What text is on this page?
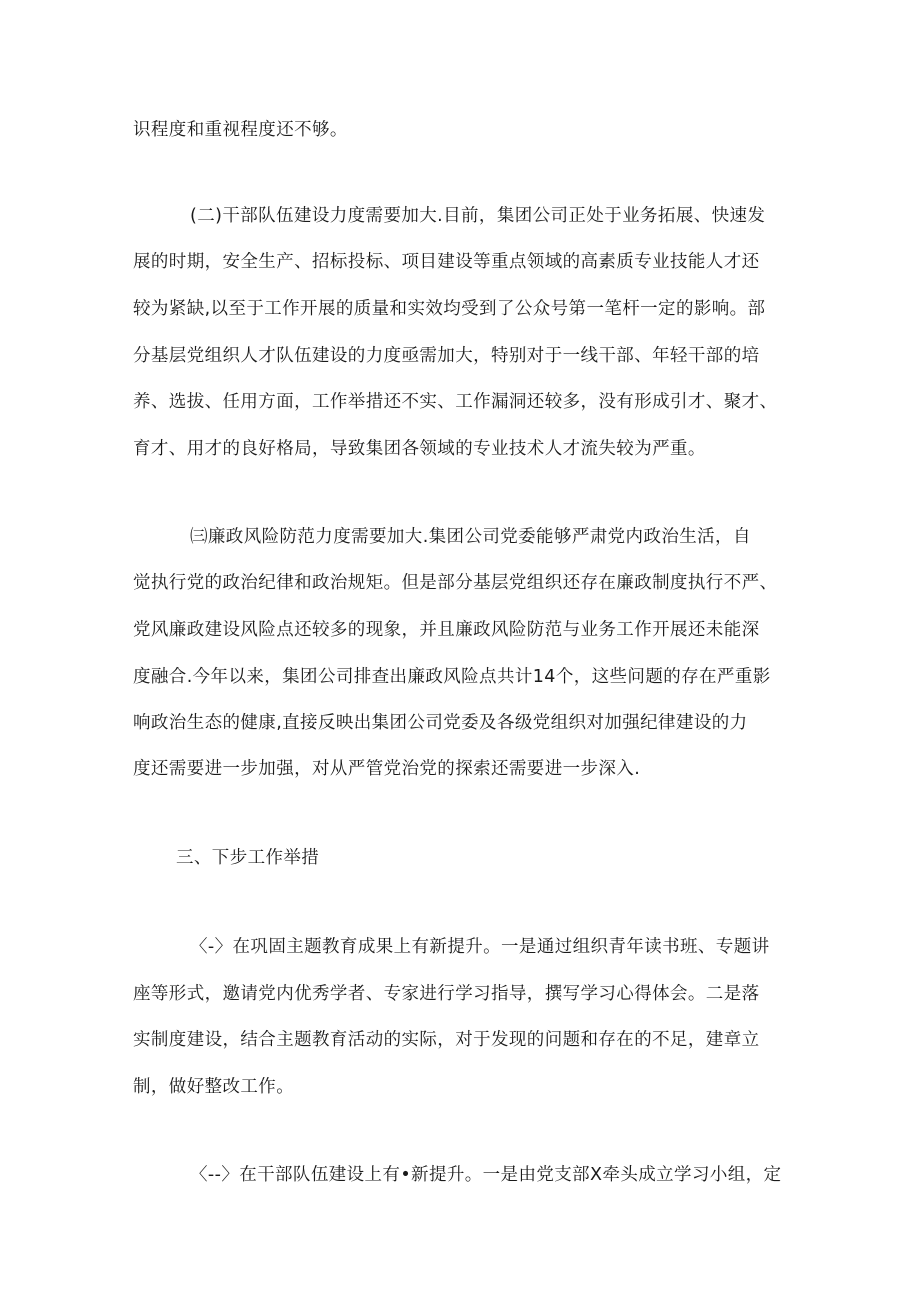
识程度和重视程度还不够。
(二)干部队伍建设力度需要加大.目前，集团公司正处于业务拓展、快速发
展的时期，安全生产、招标投标、项目建设等重点领域的高素质专业技能人才还
较为紧缺,以至于工作开展的质量和实效均受到了公众号第一笔杆一定的影响。部
分基层党组织人才队伍建设的力度亟需加大，特别对于一线干部、年轻干部的培
养、选拔、任用方面，工作举措还不实、工作漏洞还较多，没有形成引才、聚才、
育才、用才的良好格局，导致集团各领域的专业技术人才流失较为严重。
㈢廉政风险防范力度需要加大.集团公司党委能够严肃党内政治生活，自
觉执行党的政治纪律和政治规矩。但是部分基层党组织还存在廉政制度执行不严、
党风廉政建设风险点还较多的现象，并且廉政风险防范与业务工作开展还未能深
度融合.今年以来，集团公司排查出廉政风险点共计14个，这些问题的存在严重影
响政治生态的健康,直接反映出集团公司党委及各级党组织对加强纪律建设的力
度还需要进一步加强，对从严管党治党的探索还需要进一步深入.
三、下步工作举措
〈-〉在巩固主题教育成果上有新提升。一是通过组织青年读书班、专题讲
座等形式，邀请党内优秀学者、专家进行学习指导，撰写学习心得体会。二是落
实制度建设，结合主题教育活动的实际，对于发现的问题和存在的不足，建章立
制，做好整改工作。
〈--〉在干部队伍建设上有•新提升。一是由党支部X牵头成立学习小组，定
